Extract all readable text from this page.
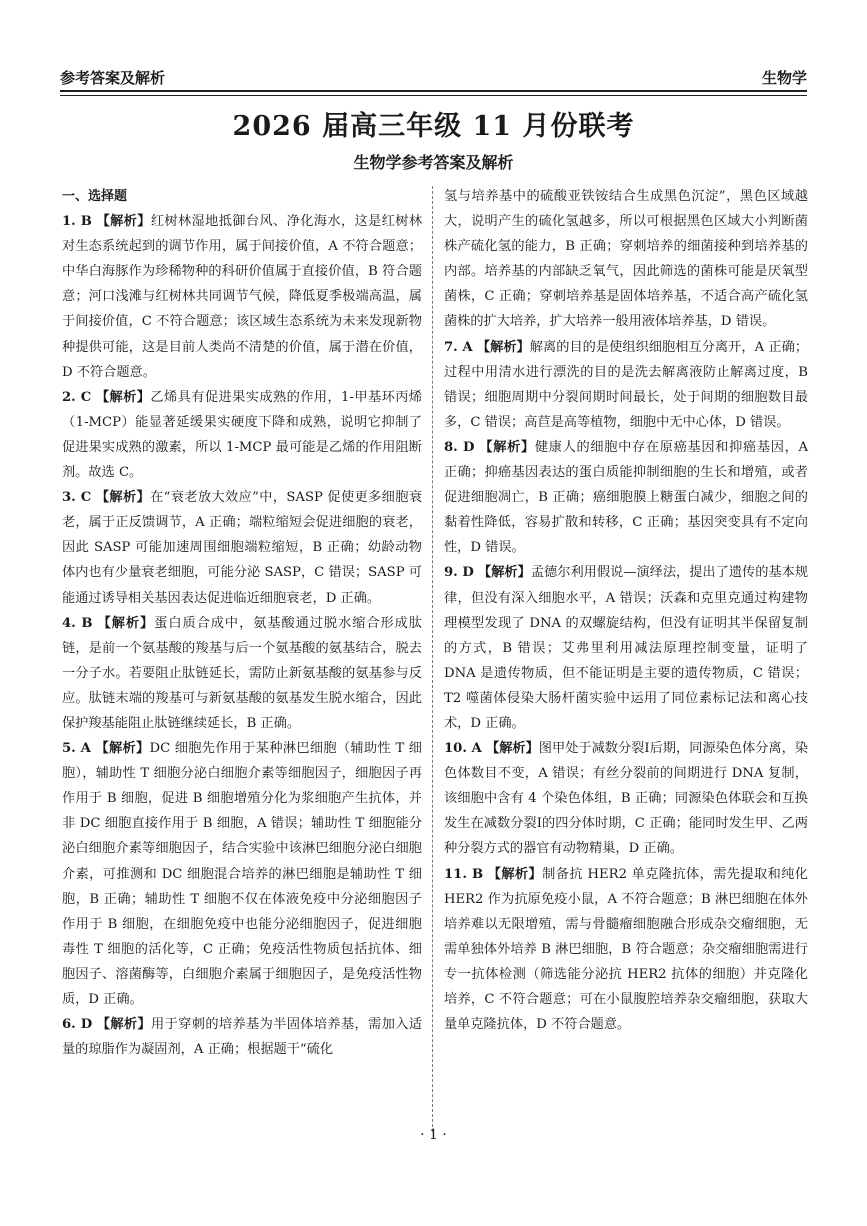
参考答案及解析	生物学
2026 届高三年级 11 月份联考
生物学参考答案及解析
一、选择题
1. B 【解析】红树林湿地抵御台风、净化海水，这是红树林对生态系统起到的调节作用，属于间接价值，A 不符合题意；中华白海豚作为珍稀物种的科研价值属于直接价值，B 符合题意；河口浅滩与红树林共同调节气候，降低夏季极端高温，属于间接价值，C 不符合题意；该区域生态系统为未来发现新物种提供可能，这是目前人类尚不清楚的价值，属于潜在价值，D 不符合题意。
2. C 【解析】乙烯具有促进果实成熟的作用，1-甲基环丙烯（1-MCP）能显著延缓果实硬度下降和成熟，说明它抑制了促进果实成熟的激素，所以 1-MCP 最可能是乙烯的作用阻断剂。故选 C。
3. C 【解析】在“衰老放大效应”中，SASP 促使更多细胞衰老，属于正反馈调节，A 正确；端粒缩短会促进细胞的衰老，因此 SASP 可能加速周围细胞端粒缩短，B 正确；幼龄动物体内也有少量衰老细胞，可能分泌 SASP，C 错误；SASP 可能通过诱导相关基因表达促进临近细胞衰老，D 正确。
4. B 【解析】蛋白质合成中，氨基酸通过脱水缩合形成肽链，是前一个氨基酸的羧基与后一个氨基酸的氨基结合，脱去一分子水。若要阻止肽链延长，需防止新氨基酸的氨基参与反应。肽链末端的羧基可与新氨基酸的氨基发生脱水缩合，因此保护羧基能阻止肽链继续延长，B 正确。
5. A 【解析】DC 细胞先作用于某种淋巴细胞（辅助性 T 细胞），辅助性 T 细胞分泌白细胞介素等细胞因子，细胞因子再作用于 B 细胞，促进 B 细胞增殖分化为浆细胞产生抗体，并非 DC 细胞直接作用于 B 细胞，A 错误；辅助性 T 细胞能分泌白细胞介素等细胞因子，结合实验中该淋巴细胞分泌白细胞介素，可推测和 DC 细胞混合培养的淋巴细胞是辅助性 T 细胞，B 正确；辅助性 T 细胞不仅在体液免疫中分泌细胞因子作用于 B 细胞，在细胞免疫中也能分泌细胞因子，促进细胞毒性 T 细胞的活化等，C 正确；免疫活性物质包括抗体、细胞因子、溶菌酶等，白细胞介素属于细胞因子，是免疫活性物质，D 正确。
6. D 【解析】用于穿刺的培养基为半固体培养基，需加入适量的琼脂作为凝固剂，A 正确；根据题干“硫化
氢与培养基中的硫酸亚铁铵结合生成黑色沉淀”，黑色区域越大，说明产生的硫化氢越多，所以可根据黑色区域大小判断菌株产硫化氢的能力，B 正确；穿刺培养的细菌接种到培养基的内部。培养基的内部缺乏氧气，因此筛选的菌株可能是厌氧型菌株，C 正确；穿刺培养基是固体培养基，不适合高产硫化氢菌株的扩大培养，扩大培养一般用液体培养基，D 错误。
7. A 【解析】解离的目的是使组织细胞相互分离开，A 正确；过程中用清水进行漂洗的目的是洗去解离液防止解离过度，B 错误；细胞周期中分裂间期时间最长，处于间期的细胞数目最多，C 错误；高苣是高等植物，细胞中无中心体，D 错误。
8. D 【解析】健康人的细胞中存在原癌基因和抑癌基因，A 正确；抑癌基因表达的蛋白质能抑制细胞的生长和增殖，或者促进细胞凋亡，B 正确；癌细胞膜上糖蛋白减少，细胞之间的黏着性降低，容易扩散和转移，C 正确；基因突变具有不定向性，D 错误。
9. D 【解析】孟德尔利用假说—演绎法，提出了遗传的基本规律，但没有深入细胞水平，A 错误；沃森和克里克通过构建物理模型发现了 DNA 的双螺旋结构，但没有证明其半保留复制的方式，B 错误；艾弗里利用减法原理控制变量，证明了 DNA 是遗传物质，但不能证明是主要的遗传物质，C 错误；T2 噬菌体侵染大肠杆菌实验中运用了同位素标记法和离心技术，D 正确。
10. A 【解析】图甲处于减数分裂Ⅰ后期，同源染色体分离，染色体数目不变，A 错误；有丝分裂前的间期进行 DNA 复制，该细胞中含有 4 个染色体组，B 正确；同源染色体联会和互换发生在减数分裂Ⅰ的四分体时期，C 正确；能同时发生甲、乙两种分裂方式的器官有动物精巢，D 正确。
11. B 【解析】制备抗 HER2 单克隆抗体，需先提取和纯化 HER2 作为抗原免疫小鼠，A 不符合题意；B 淋巴细胞在体外培养难以无限增殖，需与骨髓瘤细胞融合形成杂交瘤细胞，无需单独体外培养 B 淋巴细胞，B 符合题意；杂交瘤细胞需进行专一抗体检测（筛选能分泌抗 HER2 抗体的细胞）并克隆化培养，C 不符合题意；可在小鼠腹腔培养杂交瘤细胞，获取大量单克隆抗体，D 不符合题意。
· 1 ·
